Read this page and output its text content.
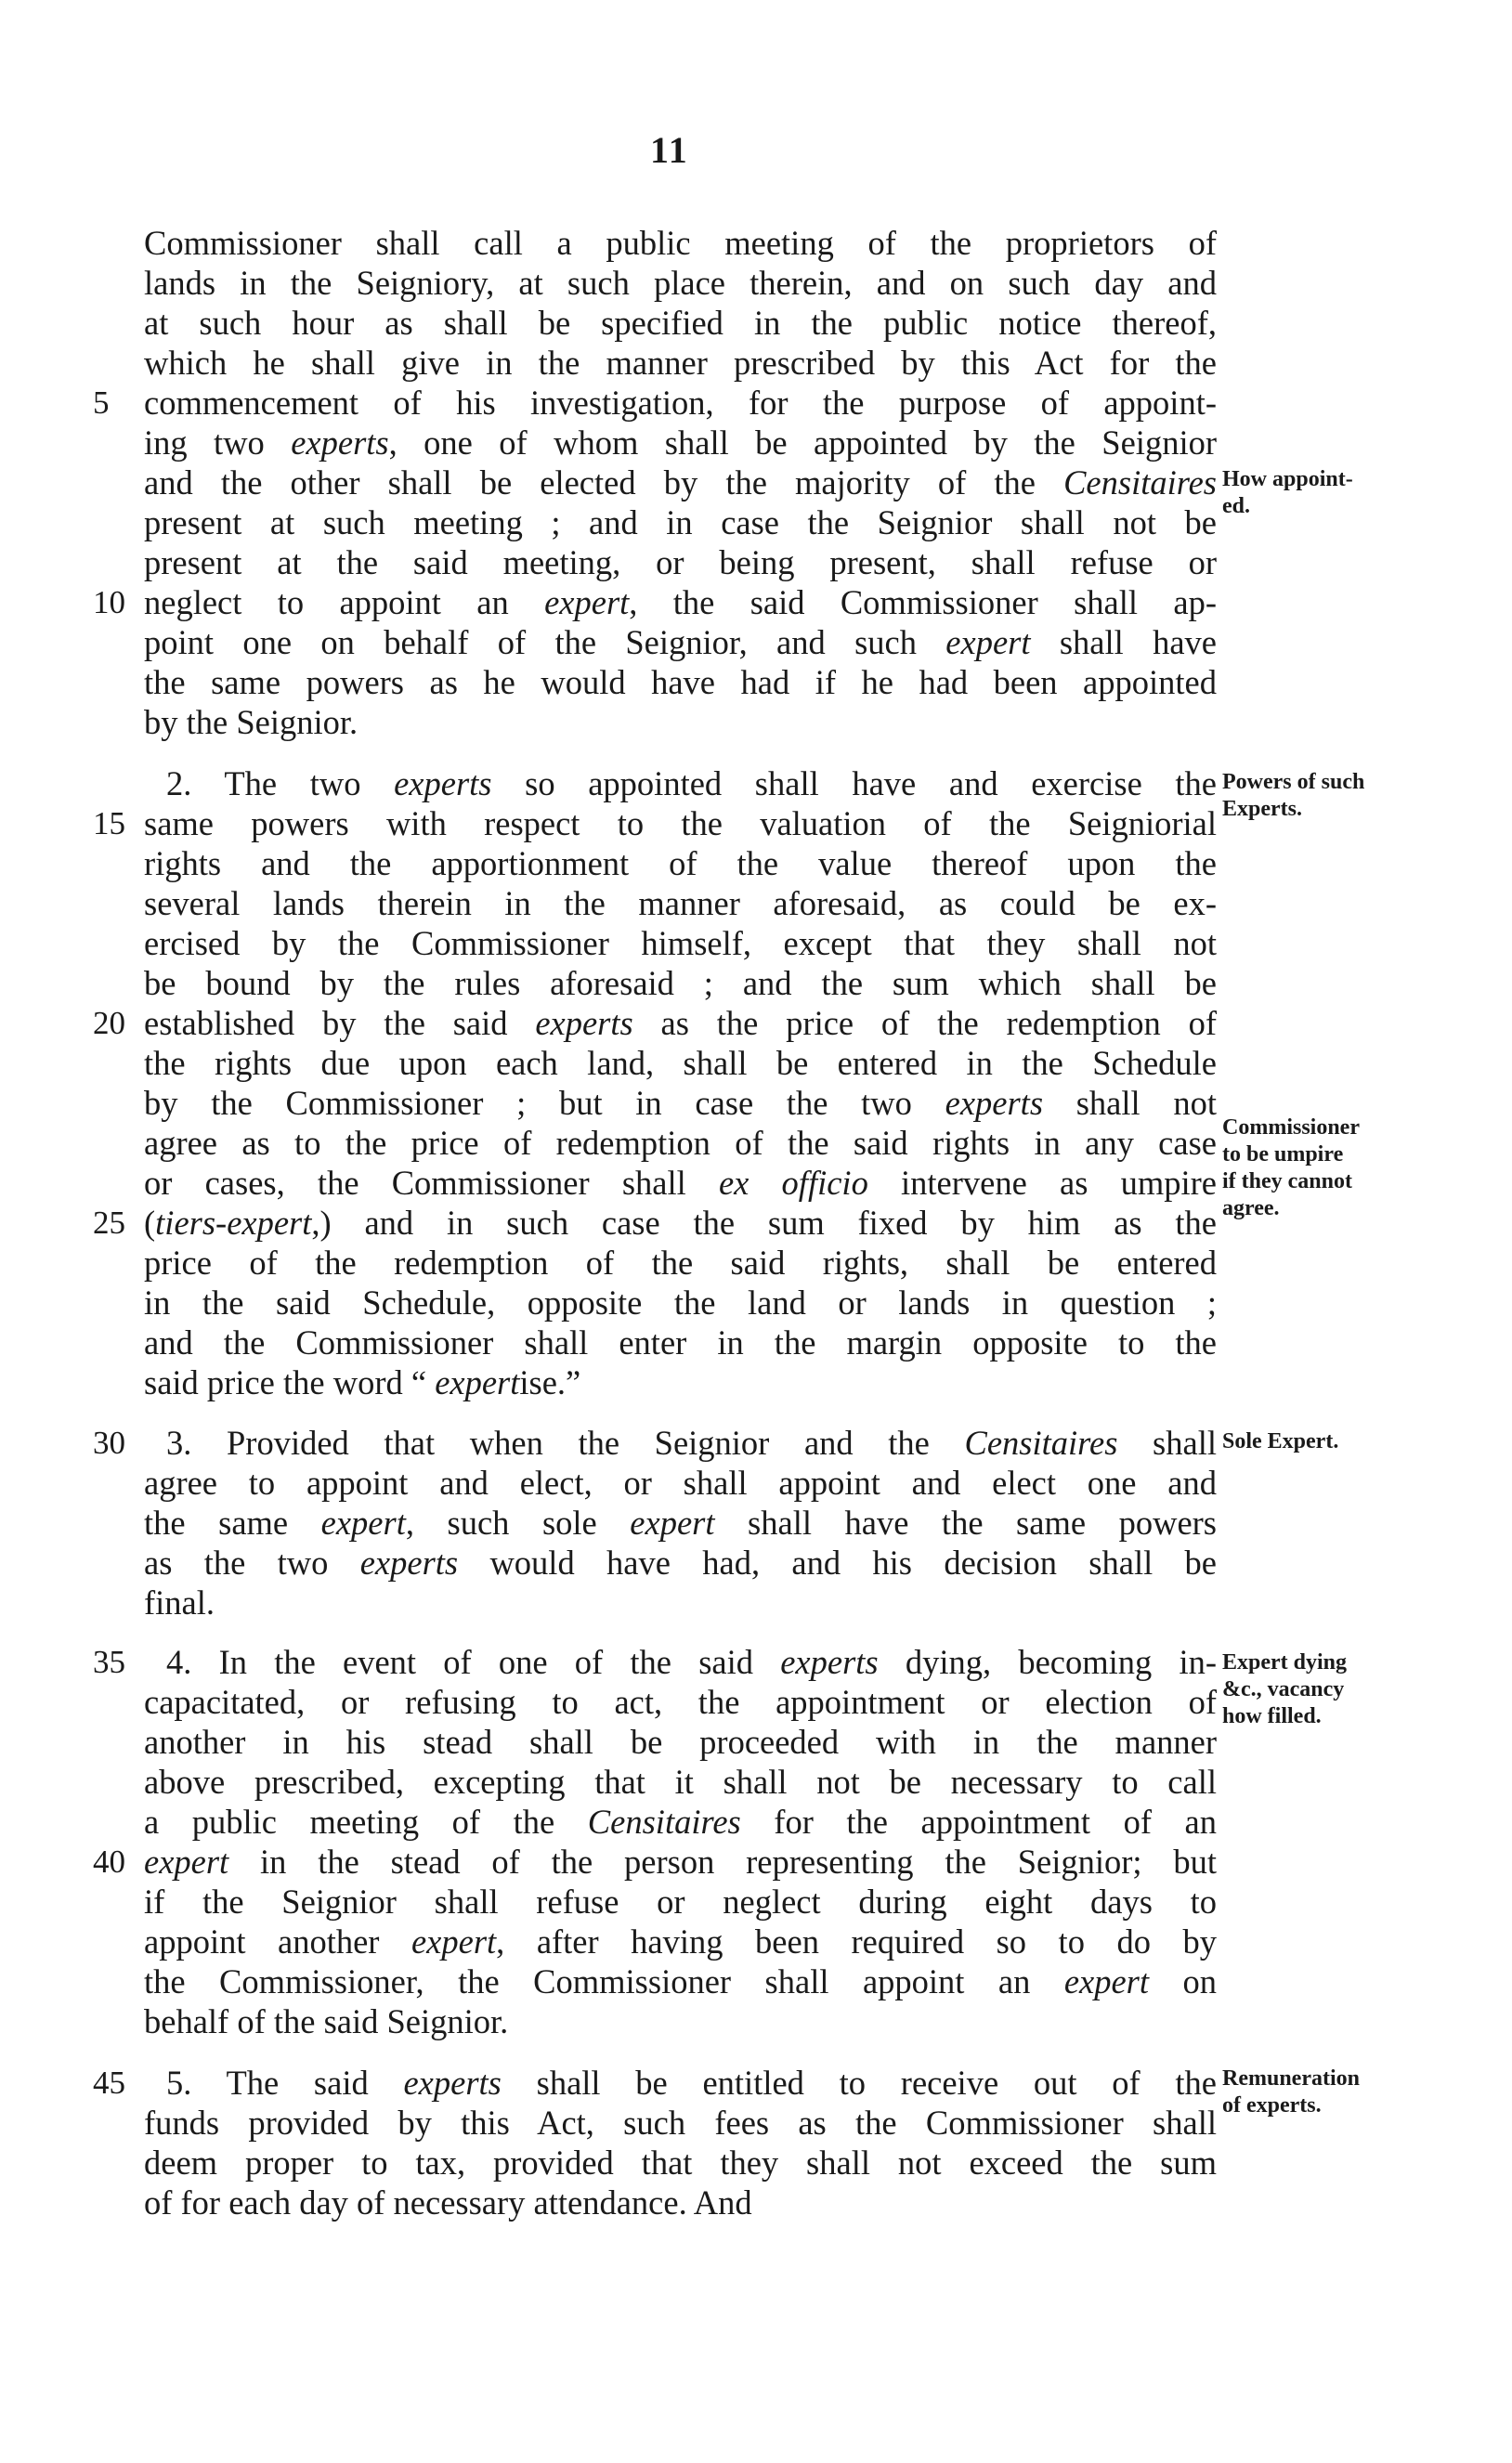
11
Commissioner shall call a public meeting of the proprietors of
lands in the Seigniory, at such place therein, and on such day and
at such hour as shall be specified in the public notice thereof,
which he shall give in the manner prescribed by this Act for the
commencement of his investigation, for the purpose of appoint-
ing two experts, one of whom shall be appointed by the Seignior
and the other shall be elected by the majority of the Censitaires
present at such meeting ; and in case the Seignior shall not be
present at the said meeting, or being present, shall refuse or
neglect to appoint an expert, the said Commissioner shall ap-
point one on behalf of the Seignior, and such expert shall have
the same powers as he would have had if he had been appointed
by the Seignior.
2. The two experts so appointed shall have and exercise the
same powers with respect to the valuation of the Seigniorial
rights and the apportionment of the value thereof upon the
several lands therein in the manner aforesaid, as could be ex-
ercised by the Commissioner himself, except that they shall not
be bound by the rules aforesaid ; and the sum which shall be
established by the said experts as the price of the redemption of
the rights due upon each land, shall be entered in the Schedule
by the Commissioner ; but in case the two experts shall not
agree as to the price of redemption of the said rights in any case
or cases, the Commissioner shall ex officio intervene as umpire
(tiers-expert,) and in such case the sum fixed by him as the
price of the redemption of the said rights, shall be entered
in the said Schedule, opposite the land or lands in question ;
and the Commissioner shall enter in the margin opposite to the
said price the word “ expertise.”
3. Provided that when the Seignior and the Censitaires shall
agree to appoint and elect, or shall appoint and elect one and
the same expert, such sole expert shall have the same powers
as the two experts would have had, and his decision shall be
final.
4. In the event of one of the said experts dying, becoming in-
capacitated, or refusing to act, the appointment or election of
another in his stead shall be proceeded with in the manner
above prescribed, excepting that it shall not be necessary to call
a public meeting of the Censitaires for the appointment of an
expert in the stead of the person representing the Seignior; but
if the Seignior shall refuse or neglect during eight days to
appoint another expert, after having been required so to do by
the Commissioner, the Commissioner shall appoint an expert on
behalf of the said Seignior.
5. The said experts shall be entitled to receive out of the
funds provided by this Act, such fees as the Commissioner shall
deem proper to tax, provided that they shall not exceed the sum
of for each day of necessary attendance. And
How appoint-
ed.
Powers of such
Experts.
Commissioner
to be umpire
if they cannot
agree.
Sole Expert.
Expert dying
&c., vacancy
how filled.
Remuneration
of experts.
5
10
15
20
25
30
35
40
45
